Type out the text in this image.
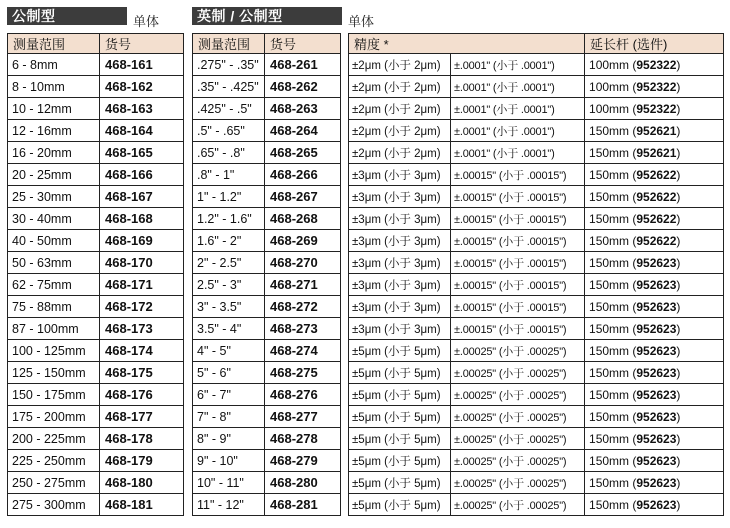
公制型	单体	英制 / 公制型	单体
测量范围	货号
6 - 8mm	468-161
8 - 10mm	468-162
10 - 12mm	468-163
12 - 16mm	468-164
16 - 20mm	468-165
20 - 25mm	468-166
25 - 30mm	468-167
30 - 40mm	468-168
40 - 50mm	468-169
50 - 63mm	468-170
62 - 75mm	468-171
75 - 88mm	468-172
87 - 100mm	468-173
100 - 125mm	468-174
125 - 150mm	468-175
150 - 175mm	468-176
175 - 200mm	468-177
200 - 225mm	468-178
225 - 250mm	468-179
250 - 275mm	468-180
275 - 300mm	468-181
测量范围	货号
.275" - .35"	468-261
.35" - .425"	468-262
.425" - .5"	468-263
.5" - .65"	468-264
.65" - .8"	468-265
.8" - 1"	468-266
1" - 1.2"	468-267
1.2" - 1.6"	468-268
1.6" - 2"	468-269
2" - 2.5"	468-270
2.5" - 3"	468-271
3" - 3.5"	468-272
3.5" - 4"	468-273
4" - 5"	468-274
5" - 6"	468-275
6" - 7"	468-276
7" - 8"	468-277
8" - 9"	468-278
9" - 10"	468-279
10" - 11"	468-280
11" - 12"	468-281
精度 *		延长杆 (选件)
±2μm (小于 2μm)	±.0001" (小于 .0001")	100mm (952322)
±2μm (小于 2μm)	±.0001" (小于 .0001")	100mm (952322)
±2μm (小于 2μm)	±.0001" (小于 .0001")	100mm (952322)
±2μm (小于 2μm)	±.0001" (小于 .0001")	150mm (952621)
±2μm (小于 2μm)	±.0001" (小于 .0001")	150mm (952621)
±3μm (小于 3μm)	±.00015" (小于 .00015")	150mm (952622)
±3μm (小于 3μm)	±.00015" (小于 .00015")	150mm (952622)
±3μm (小于 3μm)	±.00015" (小于 .00015")	150mm (952622)
±3μm (小于 3μm)	±.00015" (小于 .00015")	150mm (952622)
±3μm (小于 3μm)	±.00015" (小于 .00015")	150mm (952623)
±3μm (小于 3μm)	±.00015" (小于 .00015")	150mm (952623)
±3μm (小于 3μm)	±.00015" (小于 .00015")	150mm (952623)
±3μm (小于 3μm)	±.00015" (小于 .00015")	150mm (952623)
±5μm (小于 5μm)	±.00025" (小于 .00025")	150mm (952623)
±5μm (小于 5μm)	±.00025" (小于 .00025")	150mm (952623)
±5μm (小于 5μm)	±.00025" (小于 .00025")	150mm (952623)
±5μm (小于 5μm)	±.00025" (小于 .00025")	150mm (952623)
±5μm (小于 5μm)	±.00025" (小于 .00025")	150mm (952623)
±5μm (小于 5μm)	±.00025" (小于 .00025")	150mm (952623)
±5μm (小于 5μm)	±.00025" (小于 .00025")	150mm (952623)
±5μm (小于 5μm)	±.00025" (小于 .00025")	150mm (952623)
